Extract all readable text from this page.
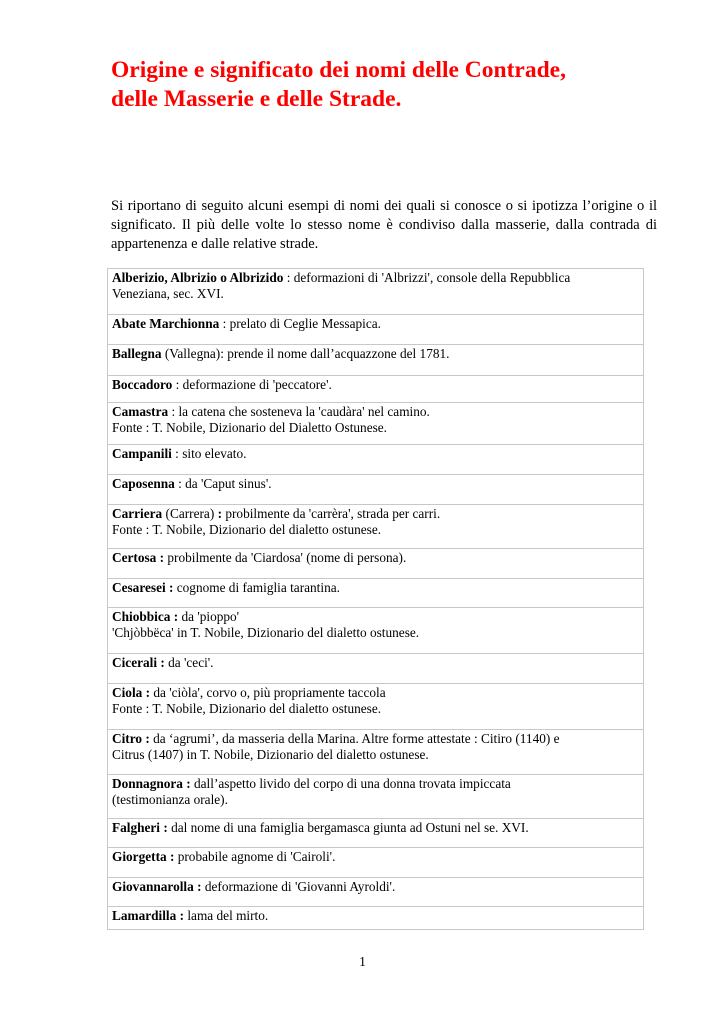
Origine e significato dei nomi delle Contrade,
delle Masserie e delle Strade.

Si riportano di seguito alcuni esempi di nomi dei quali si conosce o si ipotizza l’origine o il significato. Il più delle volte lo stesso nome è condiviso dalla masserie, dalla contrada di appartenenza e dalle relative strade.

Alberizio, Albrizio o Albrizido : deformazioni di 'Albrizzi', console della Repubblica
Veneziana, sec. XVI.
Abate Marchionna : prelato di Ceglie Messapica.
Ballegna (Vallegna): prende il nome dall’acquazzone del 1781.
Boccadoro : deformazione di 'peccatore'.
Camastra : la catena che sosteneva la 'caudàra' nel camino.
Fonte : T. Nobile, Dizionario del Dialetto Ostunese.
Campanili : sito elevato.
Caposenna : da 'Caput sinus'.
Carriera (Carrera) : probilmente da 'carrèra', strada per carri.
Fonte : T. Nobile, Dizionario del dialetto ostunese.
Certosa : probilmente da 'Ciardosa' (nome di persona).
Cesaresei : cognome di famiglia tarantina.
Chiobbica : da 'pioppo'
'Chjòbbëca' in T. Nobile, Dizionario del dialetto ostunese.
Cicerali : da 'ceci'.
Ciola : da 'ciòla', corvo o, più propriamente taccola
Fonte : T. Nobile, Dizionario del dialetto ostunese.
Citro : da ‘agrumi’, da masseria della Marina. Altre forme attestate : Citiro (1140) e
Citrus (1407) in T. Nobile, Dizionario del dialetto ostunese.
Donnagnora : dall’aspetto livido del corpo di una donna trovata impiccata
(testimonianza orale).
Falgheri : dal nome di una famiglia bergamasca giunta ad Ostuni nel se. XVI.
Giorgetta : probabile agnome di 'Cairoli'.
Giovannarolla : deformazione di 'Giovanni Ayroldi'.
Lamardilla : lama del mirto.
1
